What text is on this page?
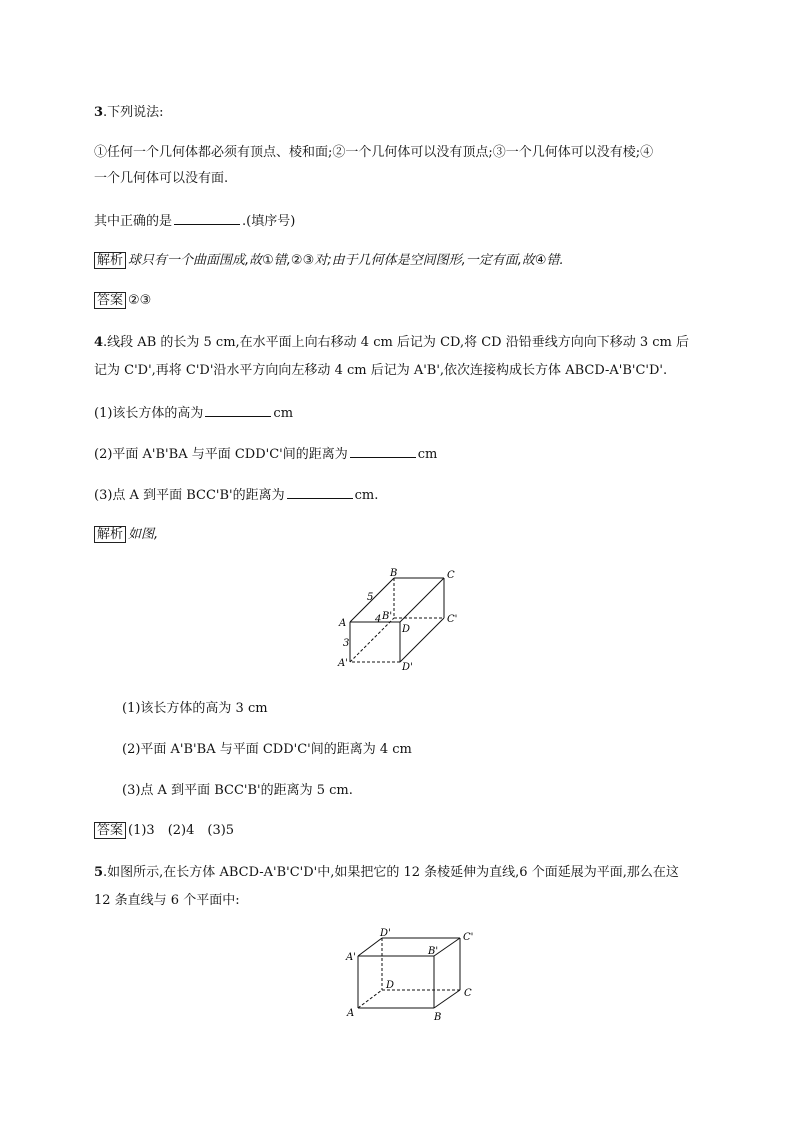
3.下列说法:
①任何一个几何体都必须有顶点、棱和面;②一个几何体可以没有顶点;③一个几何体可以没有棱;④
一个几何体可以没有面.
其中正确的是	.(填序号)
解析 球只有一个曲面围成,故①错,②③对;由于几何体是空间图形,一定有面,故④错.
答案 ②③
4.线段 AB 的长为 5 cm,在水平面上向右移动 4 cm 后记为 CD,将 CD 沿铅垂线方向向下移动 3 cm 后
记为 C'D',再将 C'D'沿水平方向向左移动 4 cm 后记为 A'B',依次连接构成长方体 ABCD-A'B'C'D'.
(1)该长方体的高为	cm
(2)平面 A'B'BA 与平面 CDD'C'间的距离为	cm
(3)点 A 到平面 BCC'B'的距离为	cm.
解析 如图,
B	C
A
D
B'	C'
A'	D'
5
4
3
(1)该长方体的高为 3 cm
(2)平面 A'B'BA 与平面 CDD'C'间的距离为 4 cm
(3)点 A 到平面 BCC'B'的距离为 5 cm.
答案 (1)3　(2)4　(3)5
5.如图所示,在长方体 ABCD-A'B'C'D'中,如果把它的 12 条棱延伸为直线,6 个面延展为平面,那么在这
12 条直线与 6 个平面中:
D'	C'
A'
B'
D
C
A	B
